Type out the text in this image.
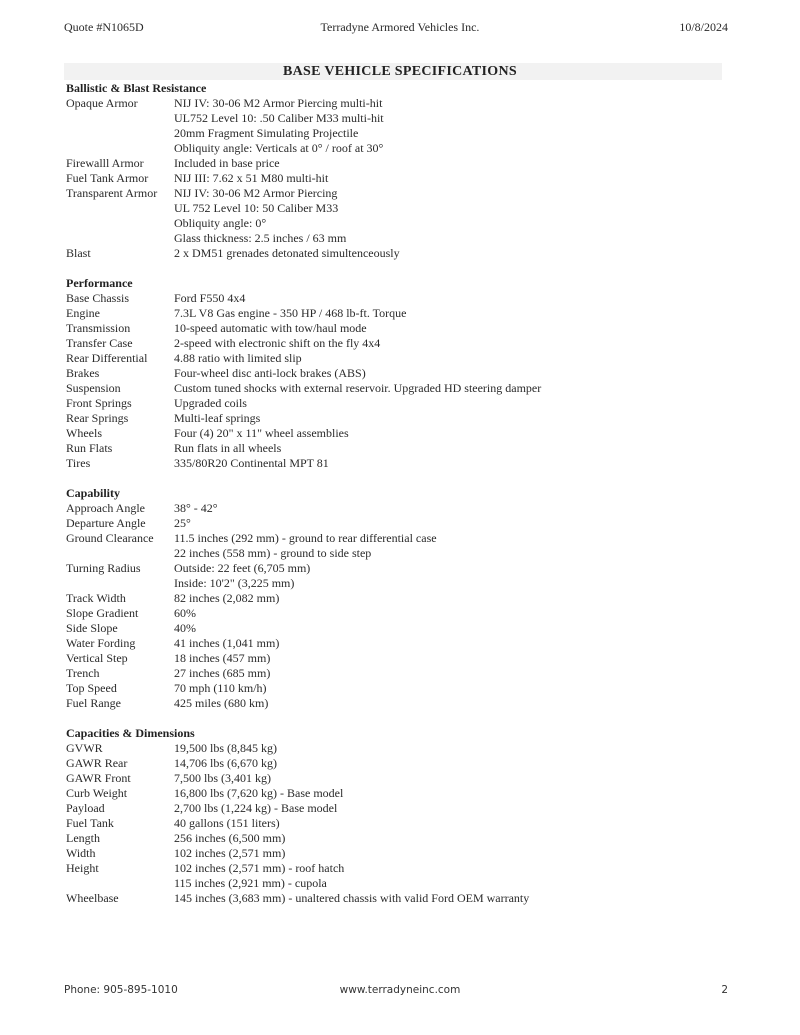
Quote #N1065D	Terradyne Armored Vehicles Inc.	10/8/2024
BASE VEHICLE SPECIFICATIONS
Ballistic & Blast Resistance
Opaque Armor	NIJ IV: 30-06 M2 Armor Piercing multi-hit
UL752 Level 10: .50 Caliber M33 multi-hit
20mm Fragment Simulating Projectile
Obliquity angle: Verticals at 0° / roof at 30°
Firewalll Armor	Included in base price
Fuel Tank Armor	NIJ III: 7.62 x 51 M80 multi-hit
Transparent Armor	NIJ IV: 30-06 M2 Armor Piercing
UL 752 Level 10: 50 Caliber M33
Obliquity angle: 0°
Glass thickness: 2.5 inches / 63 mm
Blast	2 x DM51 grenades detonated simultenceously
Performance
Base Chassis	Ford F550 4x4
Engine	7.3L V8 Gas engine - 350 HP / 468 lb-ft. Torque
Transmission	10-speed automatic with tow/haul mode
Transfer Case	2-speed with electronic shift on the fly 4x4
Rear Differential	4.88 ratio with limited slip
Brakes	Four-wheel disc anti-lock brakes (ABS)
Suspension	Custom tuned shocks with external reservoir. Upgraded HD steering damper
Front Springs	Upgraded coils
Rear Springs	Multi-leaf springs
Wheels	Four (4) 20" x 11" wheel assemblies
Run Flats	Run flats in all wheels
Tires	335/80R20 Continental MPT 81
Capability
Approach Angle	38° - 42°
Departure Angle	25°
Ground Clearance	11.5 inches (292 mm) - ground to rear differential case
22 inches (558 mm) - ground to side step
Turning Radius	Outside: 22 feet (6,705 mm)
Inside: 10'2" (3,225 mm)
Track Width	82 inches (2,082 mm)
Slope Gradient	60%
Side Slope	40%
Water Fording	41 inches (1,041 mm)
Vertical Step	18 inches (457 mm)
Trench	27 inches (685 mm)
Top Speed	70 mph (110 km/h)
Fuel Range	425 miles (680 km)
Capacities & Dimensions
GVWR	19,500 lbs (8,845 kg)
GAWR Rear	14,706 lbs (6,670 kg)
GAWR Front	7,500 lbs (3,401 kg)
Curb Weight	16,800 lbs (7,620 kg) - Base model
Payload	2,700 lbs (1,224 kg) - Base model
Fuel Tank	40 gallons (151 liters)
Length	256 inches (6,500 mm)
Width	102 inches (2,571 mm)
Height	102 inches (2,571 mm) - roof hatch
115 inches (2,921 mm) - cupola
Wheelbase	145 inches (3,683 mm) - unaltered chassis with valid Ford OEM warranty
Phone: 905-895-1010	www.terradyneinc.com	2
